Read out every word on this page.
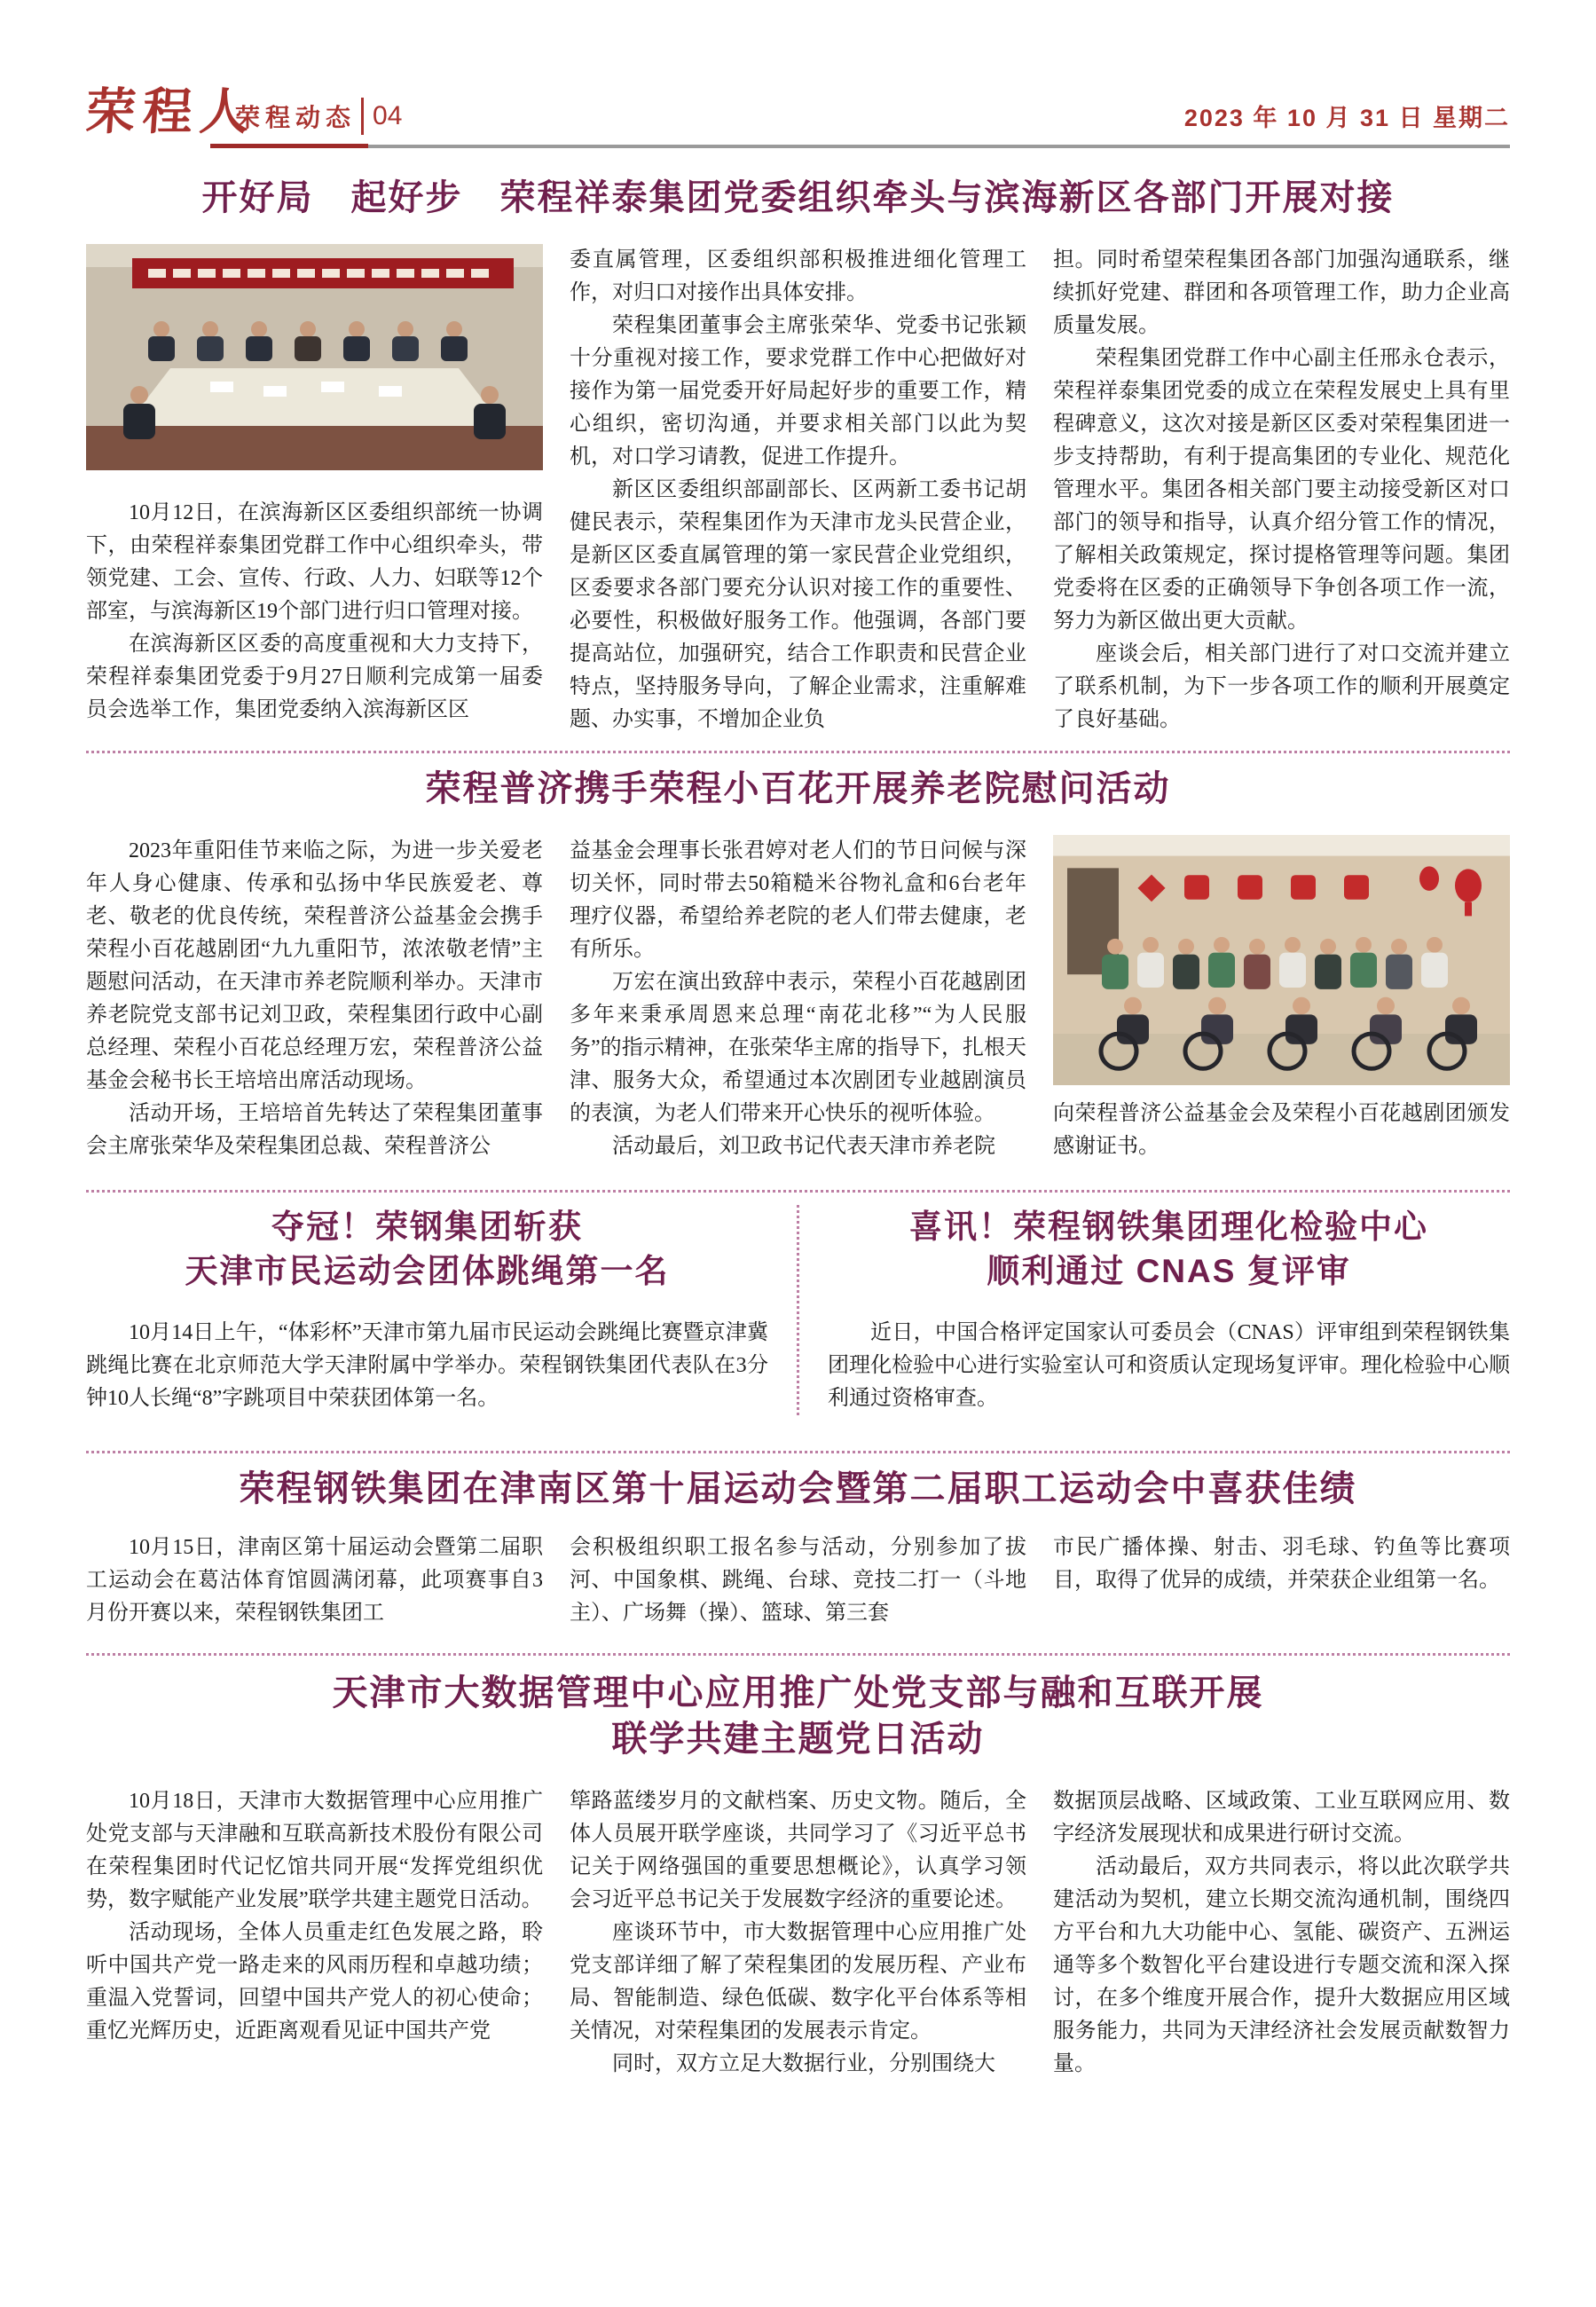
荣程人
荣程动态 04	2023 年 10 月 31 日 星期二
开好局　起好步　荣程祥泰集团党委组织牵头与滨海新区各部门开展对接

10月12日，在滨海新区区委组织部统一协调下，由荣程祥泰集团党群工作中心组织牵头，带领党建、工会、宣传、行政、人力、妇联等12个部室，与滨海新区19个部门进行归口管理对接。

在滨海新区区委的高度重视和大力支持下，荣程祥泰集团党委于9月27日顺利完成第一届委员会选举工作，集团党委纳入滨海新区区

委直属管理，区委组织部积极推进细化管理工作，对归口对接作出具体安排。

荣程集团董事会主席张荣华、党委书记张颖十分重视对接工作，要求党群工作中心把做好对接作为第一届党委开好局起好步的重要工作，精心组织，密切沟通，并要求相关部门以此为契机，对口学习请教，促进工作提升。

新区区委组织部副部长、区两新工委书记胡健民表示，荣程集团作为天津市龙头民营企业，是新区区委直属管理的第一家民营企业党组织，区委要求各部门要充分认识对接工作的重要性、必要性，积极做好服务工作。他强调，各部门要提高站位，加强研究，结合工作职责和民营企业特点，坚持服务导向，了解企业需求，注重解难题、办实事，不增加企业负

担。同时希望荣程集团各部门加强沟通联系，继续抓好党建、群团和各项管理工作，助力企业高质量发展。

荣程集团党群工作中心副主任邢永仓表示，荣程祥泰集团党委的成立在荣程发展史上具有里程碑意义，这次对接是新区区委对荣程集团进一步支持帮助，有利于提高集团的专业化、规范化管理水平。集团各相关部门要主动接受新区对口部门的领导和指导，认真介绍分管工作的情况，了解相关政策规定，探讨提格管理等问题。集团党委将在区委的正确领导下争创各项工作一流，努力为新区做出更大贡献。

座谈会后，相关部门进行了对口交流并建立了联系机制，为下一步各项工作的顺利开展奠定了良好基础。

荣程普济携手荣程小百花开展养老院慰问活动

2023年重阳佳节来临之际，为进一步关爱老年人身心健康、传承和弘扬中华民族爱老、尊老、敬老的优良传统，荣程普济公益基金会携手荣程小百花越剧团“九九重阳节，浓浓敬老情”主题慰问活动，在天津市养老院顺利举办。天津市养老院党支部书记刘卫政，荣程集团行政中心副总经理、荣程小百花总经理万宏，荣程普济公益基金会秘书长王培培出席活动现场。

活动开场，王培培首先转达了荣程集团董事会主席张荣华及荣程集团总裁、荣程普济公

益基金会理事长张君婷对老人们的节日问候与深切关怀，同时带去50箱糙米谷物礼盒和6台老年理疗仪器，希望给养老院的老人们带去健康，老有所乐。

万宏在演出致辞中表示，荣程小百花越剧团多年来秉承周恩来总理“南花北移”“为人民服务”的指示精神，在张荣华主席的指导下，扎根天津、服务大众，希望通过本次剧团专业越剧演员的表演，为老人们带来开心快乐的视听体验。

活动最后，刘卫政书记代表天津市养老院

向荣程普济公益基金会及荣程小百花越剧团颁发感谢证书。

夺冠！荣钢集团斩获
天津市民运动会团体跳绳第一名

10月14日上午，“体彩杯”天津市第九届市民运动会跳绳比赛暨京津冀跳绳比赛在北京师范大学天津附属中学举办。荣程钢铁集团代表队在3分钟10人长绳“8”字跳项目中荣获团体第一名。

喜讯！荣程钢铁集团理化检验中心
顺利通过 CNAS 复评审

近日，中国合格评定国家认可委员会（CNAS）评审组到荣程钢铁集团理化检验中心进行实验室认可和资质认定现场复评审。理化检验中心顺利通过资格审查。

荣程钢铁集团在津南区第十届运动会暨第二届职工运动会中喜获佳绩

10月15日，津南区第十届运动会暨第二届职工运动会在葛沽体育馆圆满闭幕，此项赛事自3月份开赛以来，荣程钢铁集团工

会积极组织职工报名参与活动，分别参加了拔河、中国象棋、跳绳、台球、竞技二打一（斗地主）、广场舞（操）、篮球、第三套

市民广播体操、射击、羽毛球、钓鱼等比赛项目，取得了优异的成绩，并荣获企业组第一名。

天津市大数据管理中心应用推广处党支部与融和互联开展
联学共建主题党日活动

10月18日，天津市大数据管理中心应用推广处党支部与天津融和互联高新技术股份有限公司在荣程集团时代记忆馆共同开展“发挥党组织优势，数字赋能产业发展”联学共建主题党日活动。

活动现场，全体人员重走红色发展之路，聆听中国共产党一路走来的风雨历程和卓越功绩；重温入党誓词，回望中国共产党人的初心使命；重忆光辉历史，近距离观看见证中国共产党

筚路蓝缕岁月的文献档案、历史文物。随后，全体人员展开联学座谈，共同学习了《习近平总书记关于网络强国的重要思想概论》，认真学习领会习近平总书记关于发展数字经济的重要论述。

座谈环节中，市大数据管理中心应用推广处党支部详细了解了荣程集团的发展历程、产业布局、智能制造、绿色低碳、数字化平台体系等相关情况，对荣程集团的发展表示肯定。

同时，双方立足大数据行业，分别围绕大

数据顶层战略、区域政策、工业互联网应用、数字经济发展现状和成果进行研讨交流。

活动最后，双方共同表示，将以此次联学共建活动为契机，建立长期交流沟通机制，围绕四方平台和九大功能中心、氢能、碳资产、五洲运通等多个数智化平台建设进行专题交流和深入探讨，在多个维度开展合作，提升大数据应用区域服务能力，共同为天津经济社会发展贡献数智力量。
